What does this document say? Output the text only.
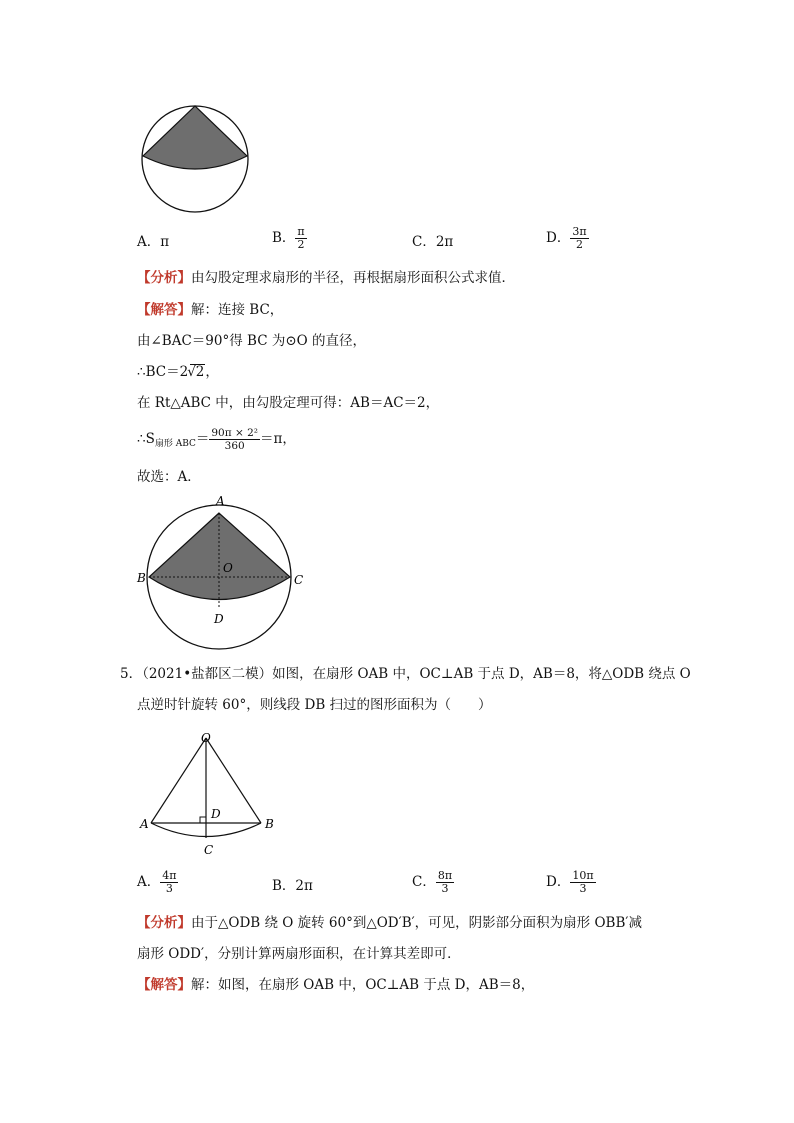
A．π	B． $\frac{\pi}{2}$	C．2π	D． $\frac{3\pi}{2}$
【分析】由勾股定理求扇形的半径，再根据扇形面积公式求值．
【解答】解：连接 BC，
由∠BAC＝90°得 BC 为⊙O 的直径，
∴BC＝2√2，
在 Rt△ABC 中，由勾股定理可得：AB＝AC＝2，
$\therefore S_{扇形 ABC}= \frac{\text{90π × 2²}}{360} =\pi$，
故选：A．
A
B	C
D
O
5．（2021•盐都区二模）如图，在扇形 OAB 中，OC⊥AB 于点 D，AB＝8，将△ODB 绕点 O
点逆时针旋转 60°，则线段 DB 扫过的图形面积为（　　）
O
A	B
C
D
A． $\frac{4\pi}{3}$	B．2π	C． $\frac{8\pi}{3}$	D． $\frac{10\pi}{3}$
【分析】由于△ODB 绕 O 旋转 60°到△OD′B′，可见，阴影部分面积为扇形 OBB′减
扇形 ODD′，分别计算两扇形面积，在计算其差即可．
【解答】解：如图，在扇形 OAB 中，OC⊥AB 于点 D，AB＝8，
